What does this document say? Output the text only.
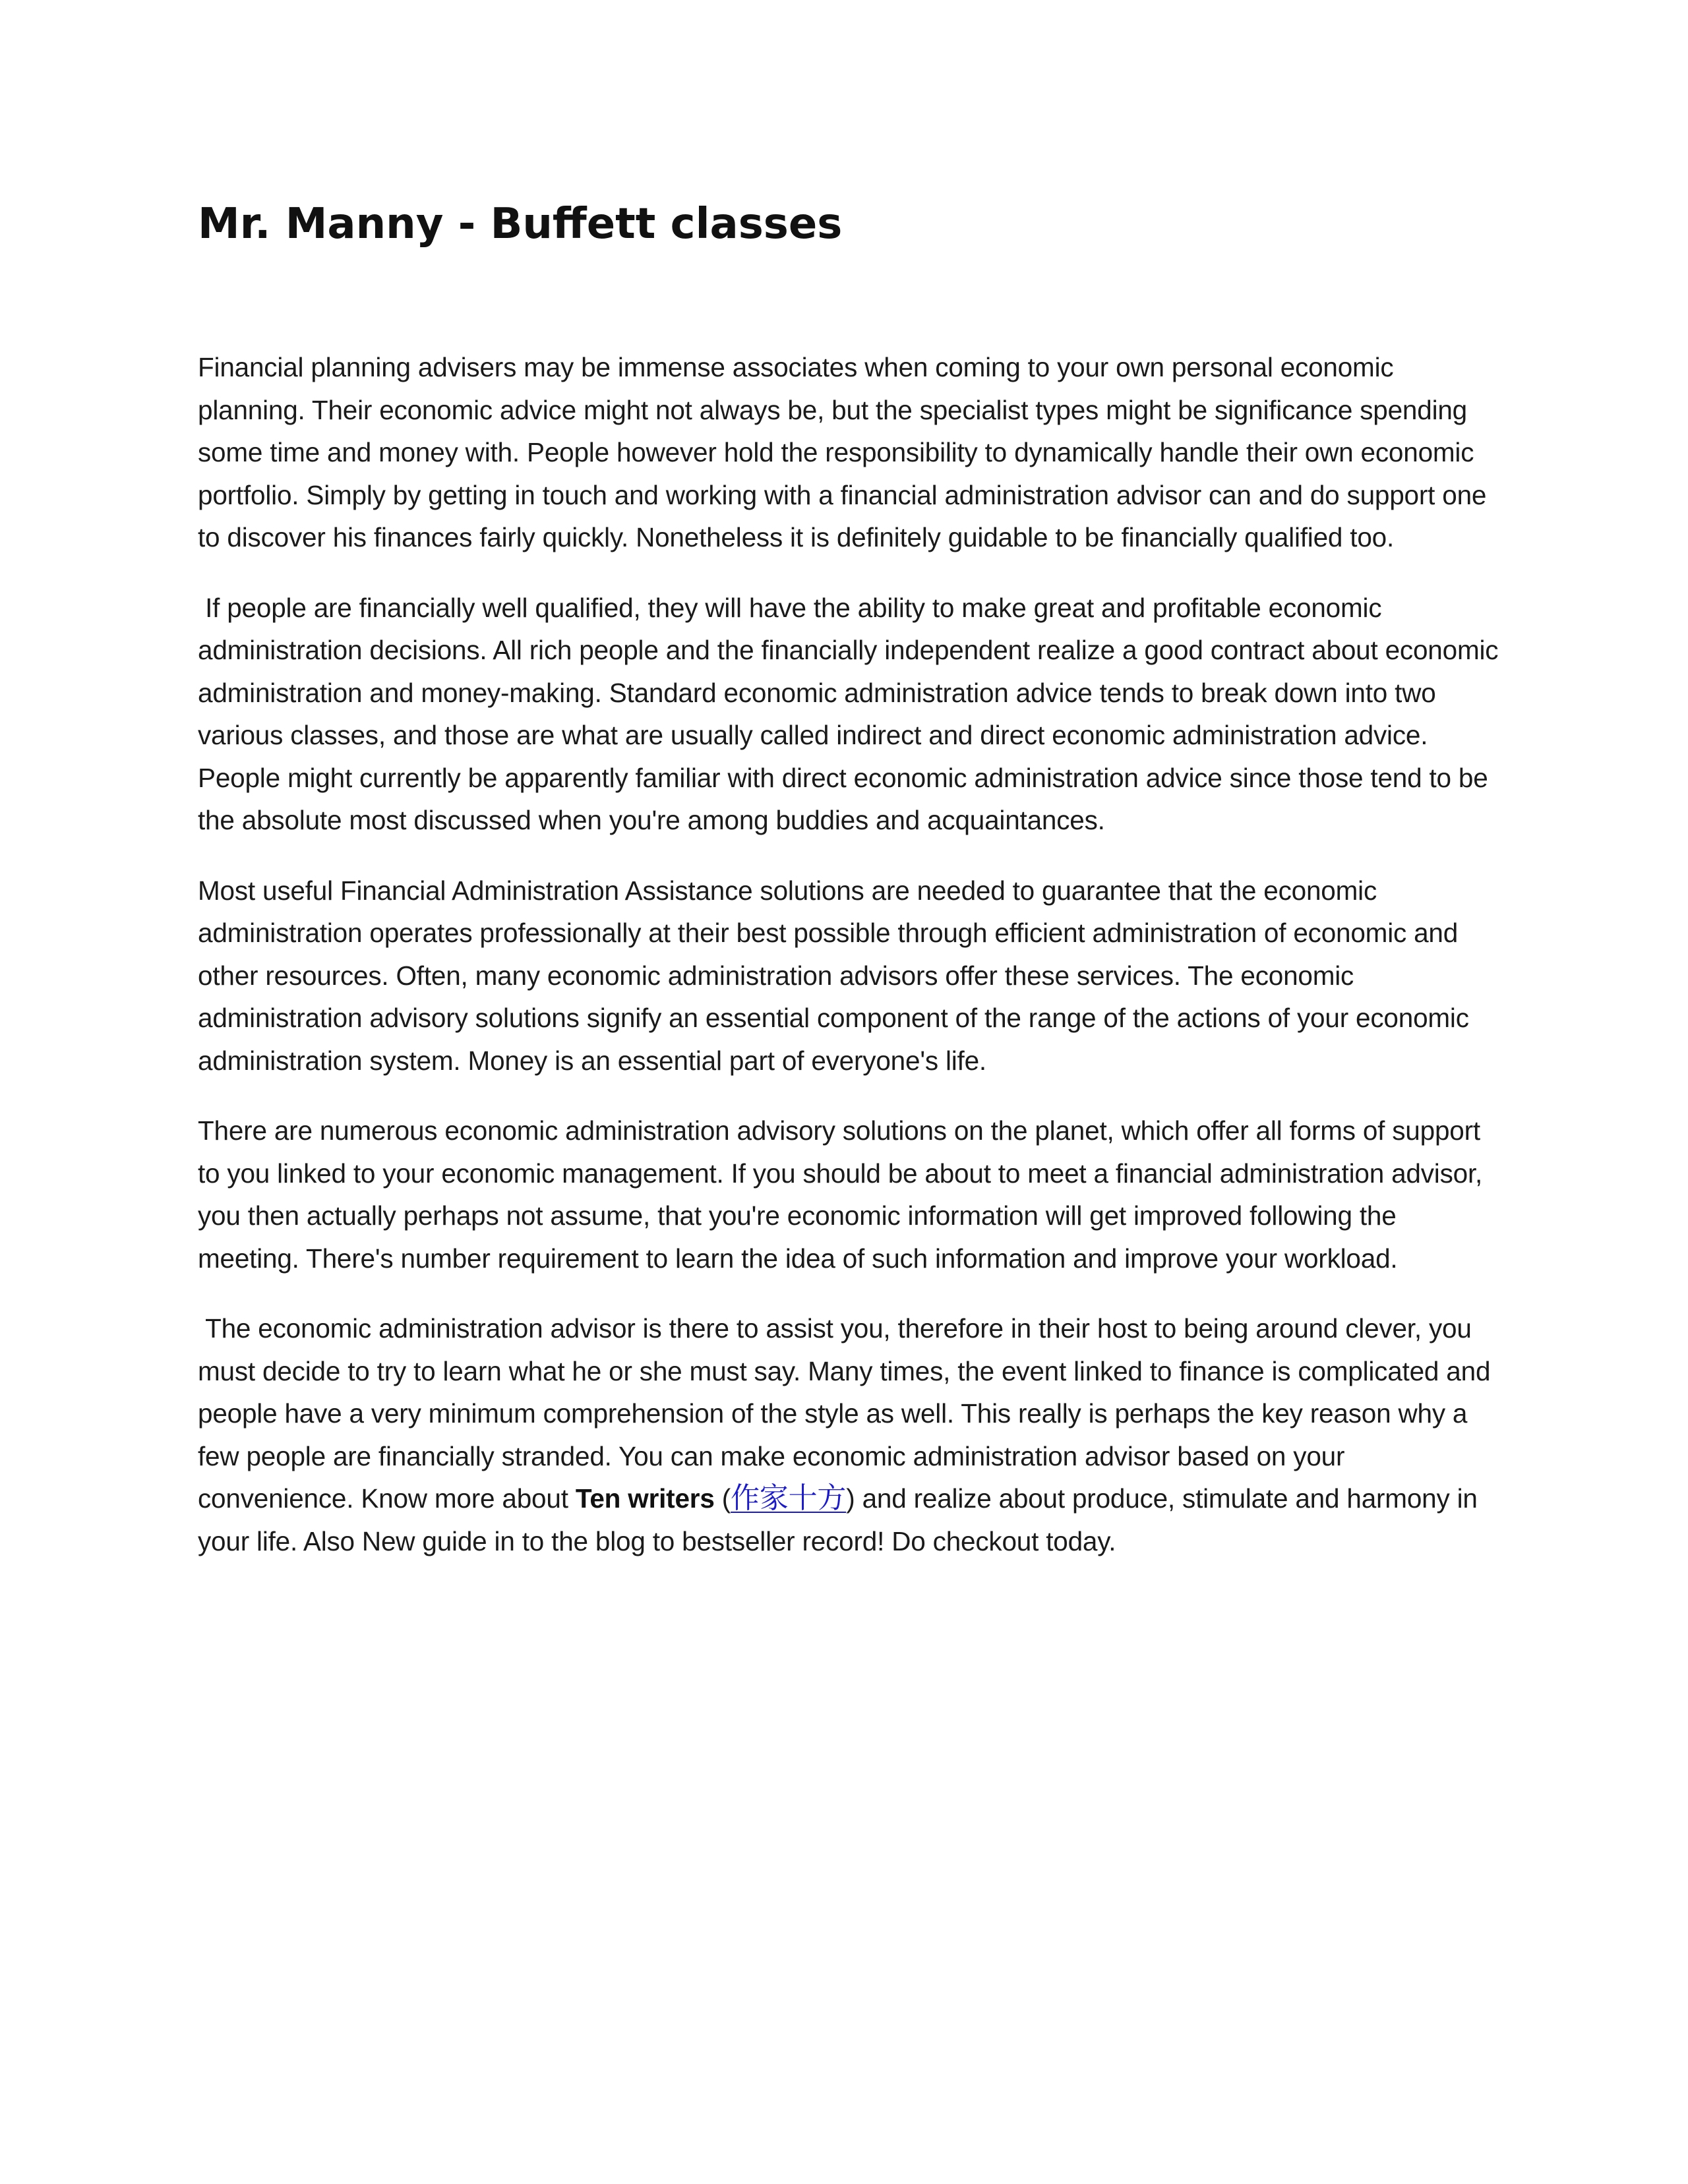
Mr. Manny - Buffett classes

Financial planning advisers may be immense associates when coming to your own personal economic planning. Their economic advice might not always be, but the specialist types might be significance spending some time and money with. People however hold the responsibility to dynamically handle their own economic portfolio. Simply by getting in touch and working with a financial administration advisor can and do support one to discover his finances fairly quickly. Nonetheless it is definitely guidable to be financially qualified too.

If people are financially well qualified, they will have the ability to make great and profitable economic administration decisions. All rich people and the financially independent realize a good contract about economic administration and money-making. Standard economic administration advice tends to break down into two various classes, and those are what are usually called indirect and direct economic administration advice. People might currently be apparently familiar with direct economic administration advice since those tend to be the absolute most discussed when you're among buddies and acquaintances.

Most useful Financial Administration Assistance solutions are needed to guarantee that the economic administration operates professionally at their best possible through efficient administration of economic and other resources. Often, many economic administration advisors offer these services. The economic administration advisory solutions signify an essential component of the range of the actions of your economic administration system. Money is an essential part of everyone's life.

There are numerous economic administration advisory solutions on the planet, which offer all forms of support to you linked to your economic management. If you should be about to meet a financial administration advisor, you then actually perhaps not assume, that you're economic information will get improved following the meeting. There's number requirement to learn the idea of such information and improve your workload.

The economic administration advisor is there to assist you, therefore in their host to being around clever, you must decide to try to learn what he or she must say. Many times, the event linked to finance is complicated and people have a very minimum comprehension of the style as well. This really is perhaps the key reason why a few people are financially stranded. You can make economic administration advisor based on your convenience. Know more about Ten writers (作家十方) and realize about produce, stimulate and harmony in your life. Also New guide in to the blog to bestseller record! Do checkout today.
